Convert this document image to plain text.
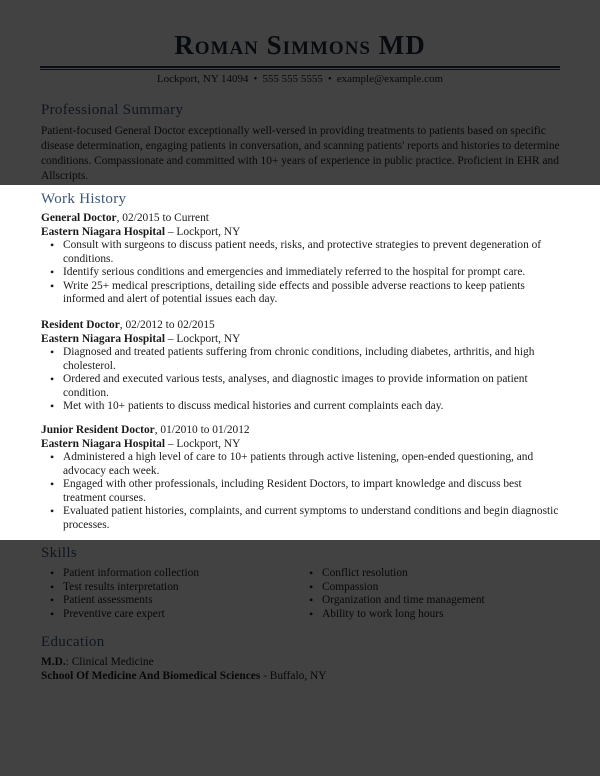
Work History
General Doctor, 02/2015 to Current
Eastern Niagara Hospital – Lockport, NY
• Consult with surgeons to discuss patient needs, risks, and protective strategies to prevent degeneration of conditions.
• Identify serious conditions and emergencies and immediately referred to the hospital for prompt care.
• Write 25+ medical prescriptions, detailing side effects and possible adverse reactions to keep patients informed and alert of potential issues each day.
Resident Doctor, 02/2012 to 02/2015
Eastern Niagara Hospital – Lockport, NY
• Diagnosed and treated patients suffering from chronic conditions, including diabetes, arthritis, and high cholesterol.
• Ordered and executed various tests, analyses, and diagnostic images to provide information on patient condition.
• Met with 10+ patients to discuss medical histories and current complaints each day.
Junior Resident Doctor, 01/2010 to 01/2012
Eastern Niagara Hospital – Lockport, NY
• Administered a high level of care to 10+ patients through active listening, open-ended questioning, and advocacy each week.
• Engaged with other professionals, including Resident Doctors, to impart knowledge and discuss best treatment courses.
• Evaluated patient histories, complaints, and current symptoms to understand conditions and begin diagnostic processes.
•
•
•
•
•
•
•
•
